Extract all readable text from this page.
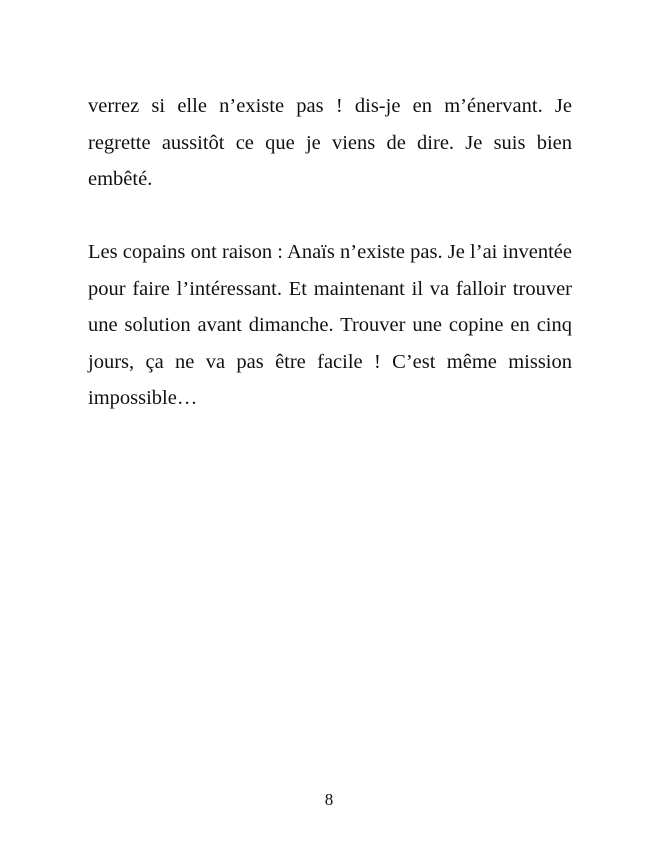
verrez si elle n’existe pas ! dis-je en m’énervant. Je regrette aussitôt ce que je viens de dire. Je suis bien embêté.

Les copains ont raison : Anaïs n’existe pas. Je l’ai inventée pour faire l’intéressant. Et maintenant il va falloir trouver une solution avant dimanche. Trouver une copine en cinq jours, ça ne va pas être facile ! C’est même mission impossible…

8
